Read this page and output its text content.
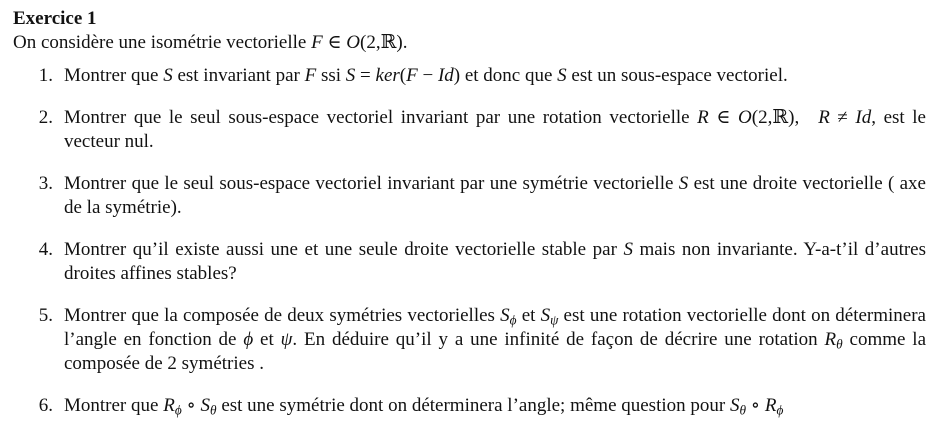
Exercice 1
On considère une isométrie vectorielle F ∈ O(2,ℝ).
1. Montrer que S est invariant par F ssi S = ker(F − Id) et donc que S est un sous-espace vectoriel.
2. Montrer que le seul sous-espace vectoriel invariant par une rotation vectorielle R ∈ O(2,ℝ),  R ≠ Id, est le vecteur nul.
3. Montrer que le seul sous-espace vectoriel invariant par une symétrie vectorielle S est une droite vectorielle ( axe de la symétrie).
4. Montrer qu’il existe aussi une et une seule droite vectorielle stable par S mais non invariante. Y-a-t’il d’autres droites affines stables?
5. Montrer que la composée de deux symétries vectorielles Sϕ et Sψ est une rotation vectorielle dont on déterminera l’angle en fonction de ϕ et ψ. En déduire qu’il y a une infinité de façon de décrire une rotation Rθ comme la composée de 2 symétries .
6. Montrer que Rϕ ∘ Sθ est une symétrie dont on déterminera l’angle; même question pour Sθ ∘ Rϕ
